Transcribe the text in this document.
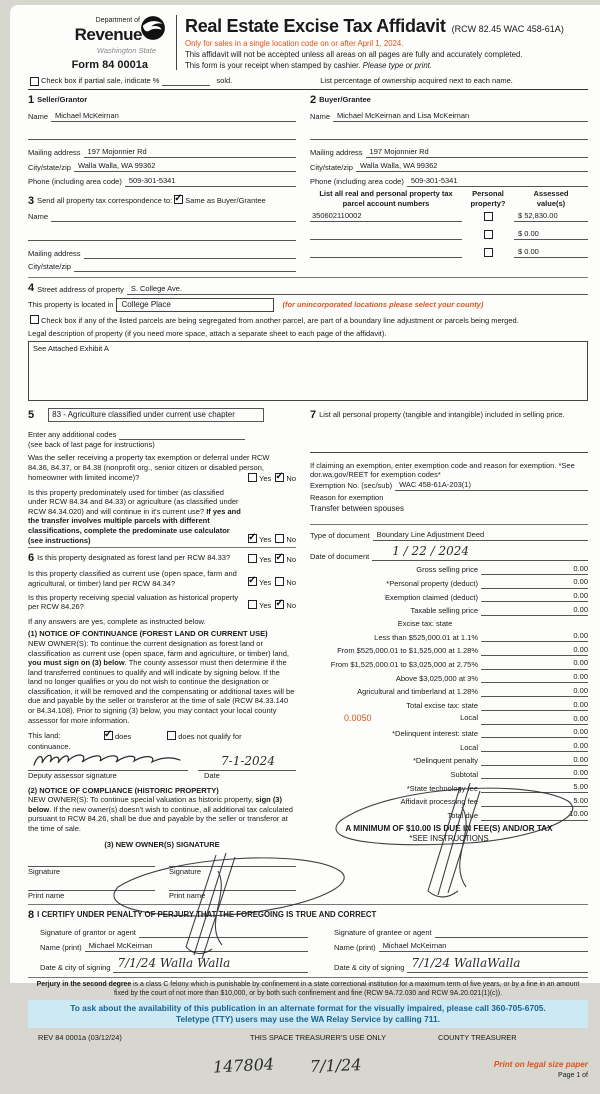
Department of
Revenue
Washington State
Form 84 0001a
Real Estate Excise Tax Affidavit (RCW 82.45 WAC 458-61A)
Only for sales in a single location code on or after April 1, 2024.
This affidavit will not be accepted unless all areas on all pages are fully and accurately completed.
This form is your receipt when stamped by cashier. Please type or print.
Check box if partial sale, indicate %	sold.	List percentage of ownership acquired next to each name.
1 Seller/Grantor
Name Michael McKeirnan
Mailing address 197 Mojonnier Rd
City/state/zip Walla Walla, WA 99362
Phone (including area code) 509-301-5341
3 Send all property tax correspondence to: ✓ Same as Buyer/Grantee
Name
Mailing address
City/state/zip
2 Buyer/Grantee
Name Michael McKeirnan and Lisa McKeirnan
Mailing address 197 Mojonnier Rd
City/state/zip Walla Walla, WA 99362
Phone (including area code) 509-301-5341
List all real and personal property tax
parcel account numbers
Personal
property?
Assessed
value(s)
350602110002	$ 52,830.00
$ 0.00
$ 0.00
4 Street address of property S. College Ave.
This property is located in	College Place	(for unincorporated locations please select your county)
Check box if any of the listed parcels are being segregated from another parcel, are part of a boundary line adjustment or parcels being merged.
Legal description of property (if you need more space, attach a separate sheet to each page of the affidavit).
See Attached Exhibit A
5	83 - Agriculture classified under current use chapter
Enter any additional codes
(see back of last page for instructions)
Was the seller receiving a property tax exemption or deferral under RCW 84.36, 84.37, or 84.38 (nonprofit org., senior citizen or disabled person, homeowner with limited income)?	Yes ✓ No
Is this property predominately used for timber (as classified under RCW 84.34 and 84.33) or agriculture (as classified under RCW 84.34.020) and will continue in it's current use? If yes and the transfer involves multiple parcels with different classifications, complete the predominate use calculator (see instructions) ✓	Yes No
6 Is this property designated as forest land per RCW 84.33?	Yes ✓ No
Is this property classified as current use (open space, farm and agricultural, or timber) land per RCW 84.34? ✓	Yes No
Is this property receiving special valuation as historical property per RCW 84.26?	Yes ✓ No
If any answers are yes, complete as instructed below.
(1) NOTICE OF CONTINUANCE (FOREST LAND OR CURRENT USE)
NEW OWNER(S): To continue the current designation as forest land or classification as current use (open space, farm and agriculture, or timber) land, you must sign on (3) below. The county assessor must then determine if the land transferred continues to qualify and will indicate by signing below. If the land no longer qualifies or you do not wish to continue the designation or classification, it will be removed and the compensating or additional taxes will be due and payable by the seller or transferor at the time of sale (RCW 84.33.140 or 84.34.108). Prior to signing (3) below, you may contact your local county assessor for more information.
This land: ✓	does	does not qualify for
continuance.
7-1-2024
Deputy assessor signature	Date
(2) NOTICE OF COMPLIANCE (HISTORIC PROPERTY)
NEW OWNER(S): To continue special valuation as historic property, sign (3) below. If the new owner(s) doesn't wish to continue, all additional tax calculated pursuant to RCW 84.26, shall be due and payable by the seller or transferor at the time of sale.
(3) NEW OWNER(S) SIGNATURE
Signature
Print name
Signature
Print name
7 List all personal property (tangible and intangible) included in selling price.
If claiming an exemption, enter exemption code and reason for exemption. *See dor.wa.gov/REET for exemption codes*
Exemption No. (sec/sub) WAC 458-61A-203(1)
Reason for exemption
Transfer between spouses
Type of document Boundary Line Adjustment Deed
Date of document	1 / 22 / 2024
Gross selling price	0.00
*Personal property (deduct)	0.00
Exemption claimed (deduct)	0.00
Taxable selling price	0.00
Excise tax: state
Less than $525,000.01 at 1.1%	0.00
From $525,000.01 to $1,525,000 at 1.28%	0.00
From $1,525,000.01 to $3,025,000 at 2.75%	0.00
Above $3,025,000 at 3%	0.00
Agricultural and timberland at 1.28%	0.00
Total excise tax: state	0.00
0.0050	Local	0.00
*Delinquent interest: state	0.00
Local	0.00
*Delinquent penalty	0.00
Subtotal	0.00
*State technology fee	5.00
Affidavit processing fee	5.00
Total due	10.00
A MINIMUM OF $10.00 IS DUE IN FEE(S) AND/OR TAX
*SEE INSTRUCTIONS
8 I CERTIFY UNDER PENALTY OF PERJURY THAT THE FOREGOING IS TRUE AND CORRECT
Signature of grantor or agent
Name (print) Michael McKeirnan
Date & city of signing 7/1/24 Walla Walla
Signature of grantee or agent
Name (print) Michael McKeirnan
Date & city of signing 7/1/24 WallaWalla
Perjury in the second degree is a class C felony which is punishable by confinement in a state correctional institution for a maximum term of five years, or by a fine in an amount fixed by the court of not more than $10,000, or by both such confinement and fine (RCW 9A.72.030 and RCW 9A.20.021(1)(c)).
To ask about the availability of this publication in an alternate format for the visually impaired, please call 360-705-6705. Teletype (TTY) users may use the WA Relay Service by calling 711.
REV 84 0001a (03/12/24)	THIS SPACE TREASURER'S USE ONLY	COUNTY TREASURER
147804 7/1/24	Print on legal size paper
Page 1 of
